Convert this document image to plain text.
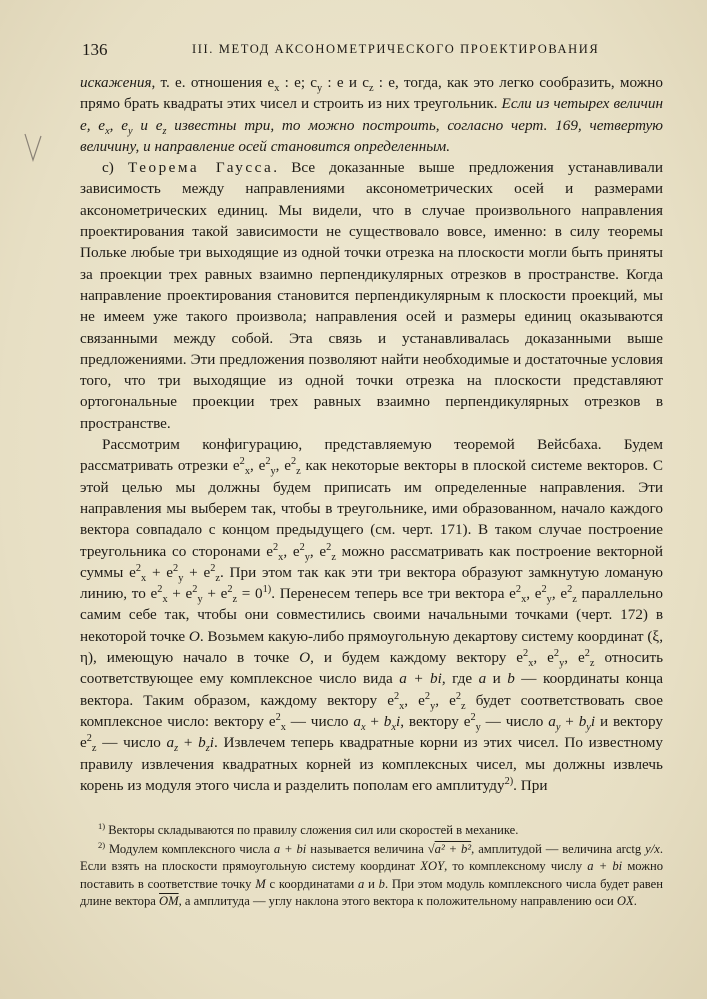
136	III. МЕТОД АКСОНОМЕТРИЧЕСКОГО ПРОЕКТИРОВАНИЯ

искажения, т. е. отношения $e_x$ : e; $c_y$ : e и $c_z$ : e, тогда, как это легко сообразить, можно прямо брать квадраты этих чисел и строить из них треугольник. Если из четырех величин e, $e_x$, $e_y$ и $e_z$ известны три, то можно построить, согласно черт. 169, четвертую величину, и направление осей становится определенным.

с) Теорема Гаусса. Все доказанные выше предложения устанавливали зависимость между направлениями аксонометрических осей и размерами аксонометрических единиц. Мы видели, что в случае произвольного направления проектирования такой зависимости не существовало вовсе, именно: в силу теоремы Польке любые три выходящие из одной точки отрезка на плоскости могли быть приняты за проекции трех равных взаимно перпендикулярных отрезков в пространстве. Когда направление проектирования становится перпендикулярным к плоскости проекций, мы не имеем уже такого произвола; направления осей и размеры единиц оказываются связанными между собой. Эта связь и устанавливалась доказанными выше предложениями. Эти предложения позволяют найти необходимые и достаточные условия того, что три выходящие из одной точки отрезка на плоскости представляют ортогональные проекции трех равных взаимно перпендикулярных отрезков в пространстве.

Рассмотрим конфигурацию, представляемую теоремой Вейсбаха. Будем рассматривать отрезки $e^2_x$, $e^2_y$, $e^2_z$ как некоторые векторы в плоской системе векторов. С этой целью мы должны будем приписать им определенные направления. Эти направления мы выберем так, чтобы в треугольнике, ими образованном, начало каждого вектора совпадало с концом предыдущего (см. черт. 171). В таком случае построение треугольника со сторонами $e^2_x$, $e^2_y$, $e^2_z$ можно рассматривать как построение векторной суммы $e^2_x + e^2_y + e^2_z$. При этом так как эти три вектора образуют замкнутую ломаную линию, то $e^2_x + e^2_y + e^2_z = 0^{1)}$. Перенесем теперь все три вектора $e^2_x$, $e^2_y$, $e^2_z$ параллельно самим себе так, чтобы они совместились своими начальными точками (черт. 172) в некоторой точке O. Возьмем какую-либо прямоугольную декартову систему координат (ξ, η), имеющую начало в точке O, и будем каждому вектору $e^2_x$, $e^2_y$, $e^2_z$ относить соответствующее ему комплексное число вида a + bi, где a и b — координаты конца вектора. Таким образом, каждому вектору $e^2_x$, $e^2_y$, $e^2_z$ будет соответствовать свое комплексное число: вектору $e^2_x$ — число $a_x + b_xi$, вектору $e^2_y$ — число $a_y + b_yi$ и вектору $e^2_z$ — число $a_z + b_zi$. Извлечем теперь квадратные корни из этих чисел. По известному правилу извлечения квадратных корней из комплексных чисел, мы должны извлечь корень из модуля этого числа и разделить пополам его амплитуду$^{2)}$. При

$^{1)}$ Векторы складываются по правилу сложения сил или скоростей в механике.

$^{2)}$ Модулем комплексного числа a + bi называется величина √a² + b², амплитудой — величина arctg y/x. Если взять на плоскости прямоугольную систему координат XOY, то комплексному числу a + bi можно поставить в соответствие точку M с координатами a и b. При этом модуль комплексного числа будет равен длине вектора $\overline{OM}$, а амплитуда — углу наклона этого вектора к положительному направлению оси OX.
